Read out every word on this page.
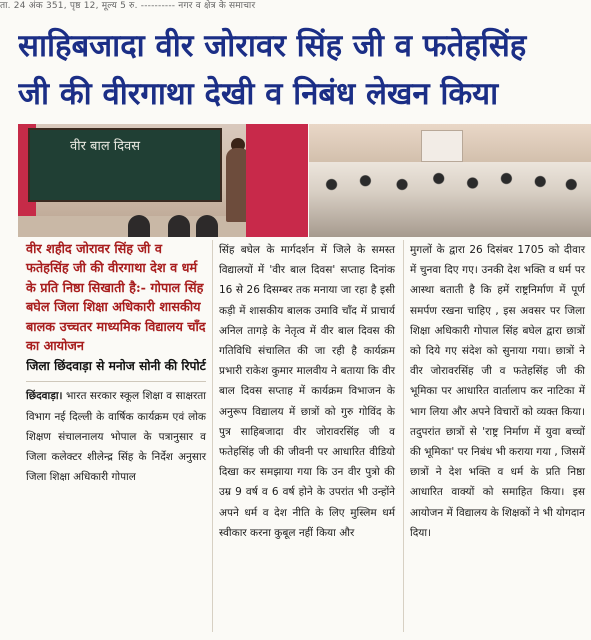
ता. 24 अंक 351, पृष्ठ 12, मूल्य 5 रु. ---------- नगर व क्षेत्र के समाचार
साहिबजादा वीर जोरावर सिंह जी व फतेहसिंह
जी की वीरगाथा देखी व निबंध लेखन किया
वीर बाल दिवस
वीर शहीद जोरावर सिंह जी व फतेहसिंह जी की वीरगाथा देश व धर्म के प्रति निष्ठा सिखाती है:- गोपाल सिंह बघेल जिला शिक्षा अधिकारी शासकीय बालक उच्चतर माध्यमिक विद्यालय चाँद का आयोजन
जिला छिंदवाड़ा से मनोज सोनी की रिपोर्ट

छिंदवाड़ा। भारत सरकार स्कूल शिक्षा व साक्षरता विभाग नई दिल्ली के वार्षिक कार्यक्रम एवं लोक शिक्षण संचालनालय भोपाल के पत्रानुसार व जिला कलेक्टर शीलेन्द्र सिंह के निर्देश अनुसार जिला शिक्षा अधिकारी गोपाल

सिंह बघेल के मार्गदर्शन में जिले के समस्त विद्यालयों में 'वीर बाल दिवस' सप्ताह दिनांक 16 से 26 दिसम्बर तक मनाया जा रहा है इसी कड़ी में शासकीय बालक उमावि चाँद में प्राचार्य अनिल तागड़े के नेतृत्व में वीर बाल दिवस की गतिविधि संचालित की जा रही है कार्यक्रम प्रभारी राकेश कुमार मालवीय ने बताया कि वीर बाल दिवस सप्ताह में कार्यक्रम विभाजन के अनुरूप विद्यालय में छात्रों को गुरु गोविंद के पुत्र साहिबजादा वीर जोरावरसिंह जी व फतेहसिंह जी की जीवनी पर आधारित वीडियो दिखा कर समझाया गया कि उन वीर पुत्रो की उम्र 9 वर्ष व 6 वर्ष होने के उपरांत भी उन्होंने अपने धर्म व देश नीति के लिए मुस्लिम धर्म स्वीकार करना कुबूल नहीं किया और

मुगलों के द्वारा 26 दिसंबर 1705 को दीवार में चुनवा दिए गए। उनकी देश भक्ति व धर्म पर आस्था बताती है कि हमें राष्ट्रनिर्माण में पूर्ण समर्पण रखना चाहिए , इस अवसर पर जिला शिक्षा अधिकारी गोपाल सिंह बघेल द्वारा छात्रों को दिये गए संदेश को सुनाया गया। छात्रों ने वीर जोरावरसिंह जी व फतेहसिंह जी की भूमिका पर आधारित वार्तालाप कर नाटिका में भाग लिया और अपने विचारों को व्यक्त किया।तदुपरांत छात्रों से 'राष्ट्र निर्माण में युवा बच्चों की भूमिका' पर निबंध भी कराया गया , जिसमें छात्रों ने देश भक्ति व धर्म के प्रति निष्ठा आधारित वाक्यों को समाहित किया। इस आयोजन में विद्यालय के शिक्षकों ने भी योगदान दिया।
